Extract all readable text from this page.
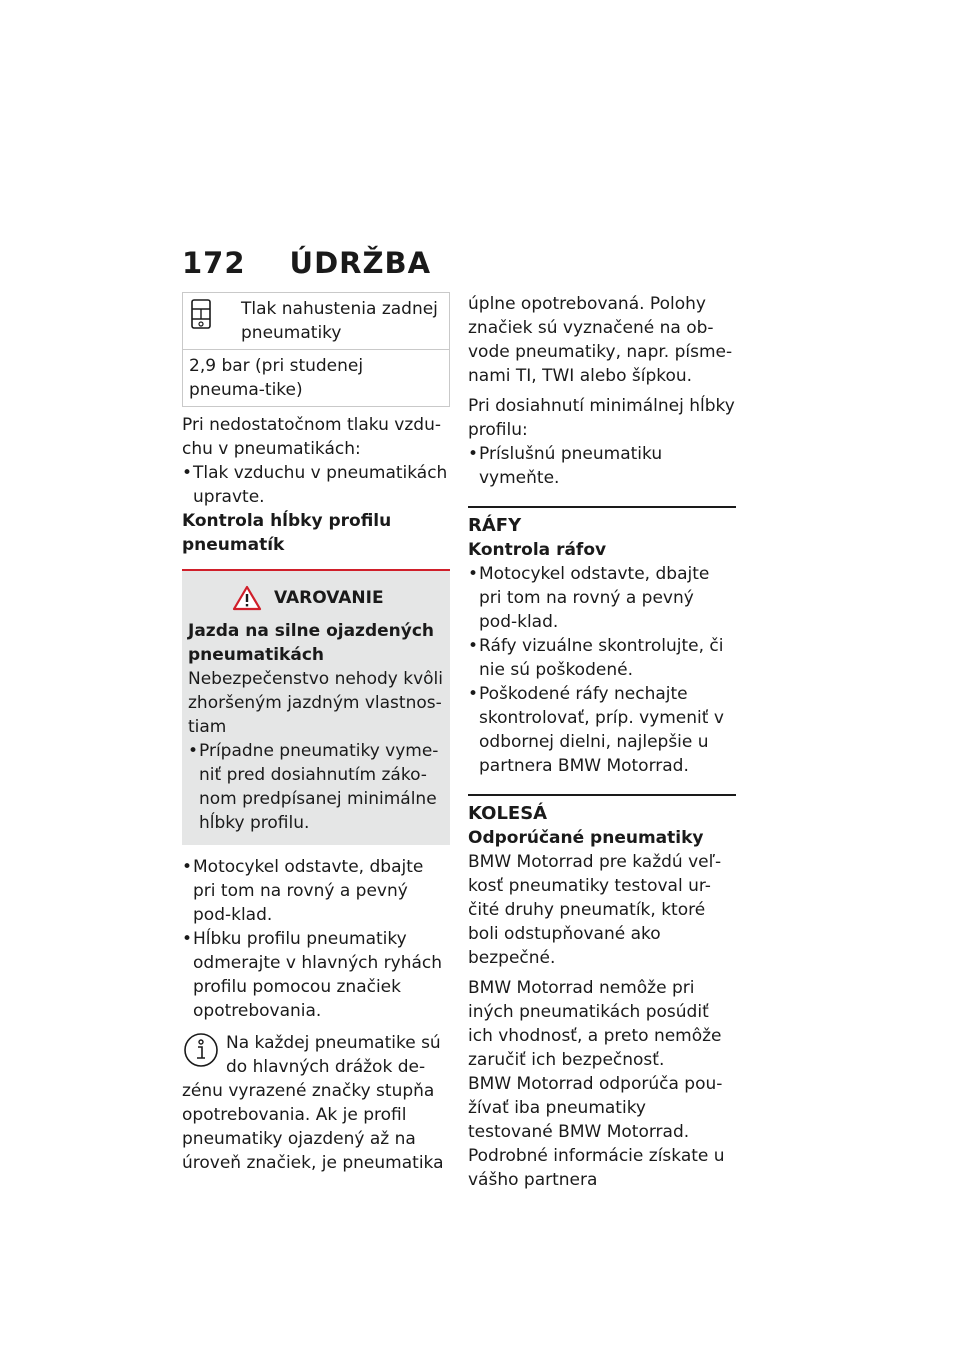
172 ÚDRŽBA

Tlak nahustenia zadnej
pneumatiky

2,9 bar (pri studenej pneuma-tike)

Pri nedostatočnom tlaku vzdu-chu v pneumatikách:

• Tlak vzduchu v pneumatikách upravte.

Kontrola hĺbky profilu pneumatík

VAROVANIE

Jazda na silne ojazdených pneumatikách

Nebezpečenstvo nehody kvôli zhoršeným jazdným vlastnos-tiam

• Prípadne pneumatiky vyme-niť pred dosiahnutím záko-nom predpísanej minimálne hĺbky profilu.
• Motocykel odstavte, dbajte pri tom na rovný a pevný pod-klad.
• Hĺbku profilu pneumatiky odmerajte v hlavných ryhách profilu pomocou značiek opotrebovania.

Na každej pneumatike sú do hlavných drážok de-

zénu vyrazené značky stupňa opotrebovania. Ak je profil pneumatiky ojazdený až na úroveň značiek, je pneumatika

úplne opotrebovaná. Polohy značiek sú vyznačené na ob-vode pneumatiky, napr. písme-nami TI, TWI alebo šípkou.

Pri dosiahnutí minimálnej hĺbky profilu:

• Príslušnú pneumatiku vymeňte.

RÁFY

Kontrola ráfov

• Motocykel odstavte, dbajte pri tom na rovný a pevný pod-klad.
• Ráfy vizuálne skontrolujte, či nie sú poškodené.
• Poškodené ráfy nechajte skontrolovať, príp. vymeniť v odbornej dielni, najlepšie u partnera BMW Motorrad.

KOLESÁ

Odporúčané pneumatiky

BMW Motorrad pre každú veľ-kosť pneumatiky testoval ur-čité druhy pneumatík, ktoré boli odstupňované ako bezpečné.

BMW Motorrad nemôže pri iných pneumatikách posúdiť ich vhodnosť, a preto nemôže zaručiť ich bezpečnosť.

BMW Motorrad odporúča pou-žívať iba pneumatiky testované BMW Motorrad.

Podrobné informácie získate u vášho partnera
